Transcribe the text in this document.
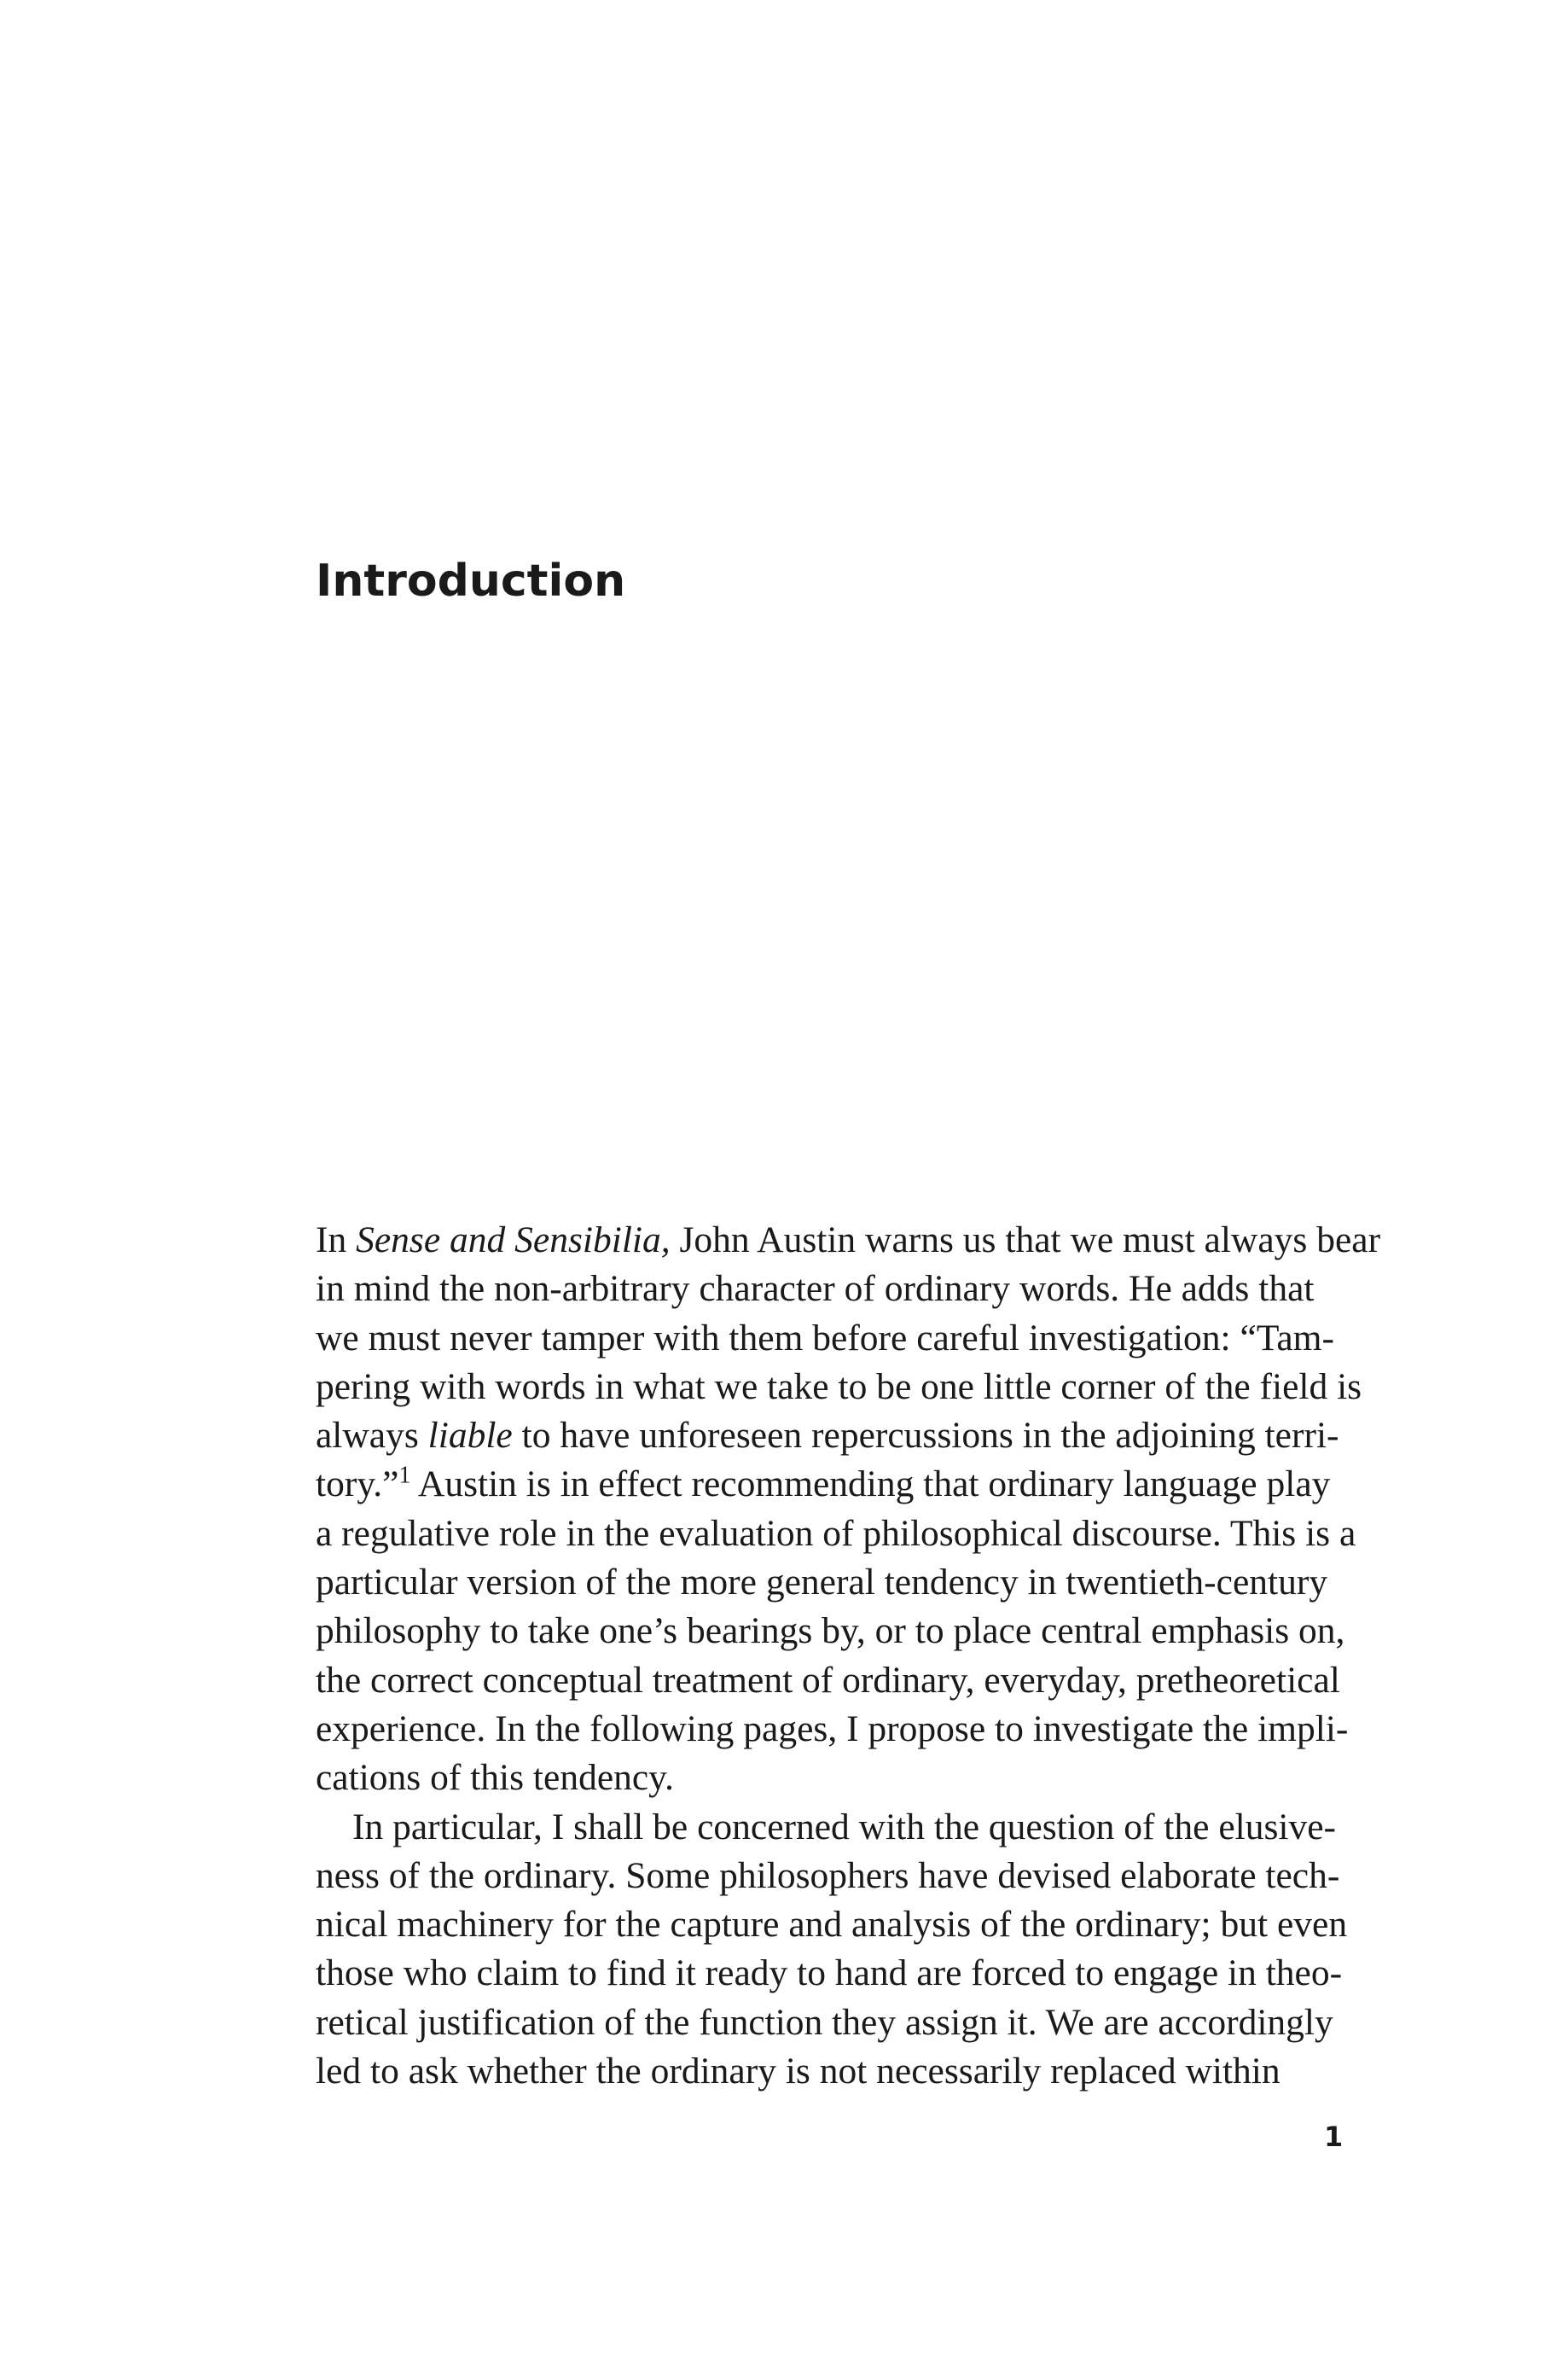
Introduction
In Sense and Sensibilia, John Austin warns us that we must always bear
in mind the non-arbitrary character of ordinary words. He adds that
we must never tamper with them before careful investigation: “Tam-
pering with words in what we take to be one little corner of the field is
always liable to have unforeseen repercussions in the adjoining terri-
tory.”$^1$ Austin is in effect recommending that ordinary language play
a regulative role in the evaluation of philosophical discourse. This is a
particular version of the more general tendency in twentieth-century
philosophy to take one’s bearings by, or to place central emphasis on,
the correct conceptual treatment of ordinary, everyday, pretheoretical
experience. In the following pages, I propose to investigate the impli-
cations of this tendency.
In particular, I shall be concerned with the question of the elusive-
ness of the ordinary. Some philosophers have devised elaborate tech-
nical machinery for the capture and analysis of the ordinary; but even
those who claim to find it ready to hand are forced to engage in theo-
retical justification of the function they assign it. We are accordingly
led to ask whether the ordinary is not necessarily replaced within
1
